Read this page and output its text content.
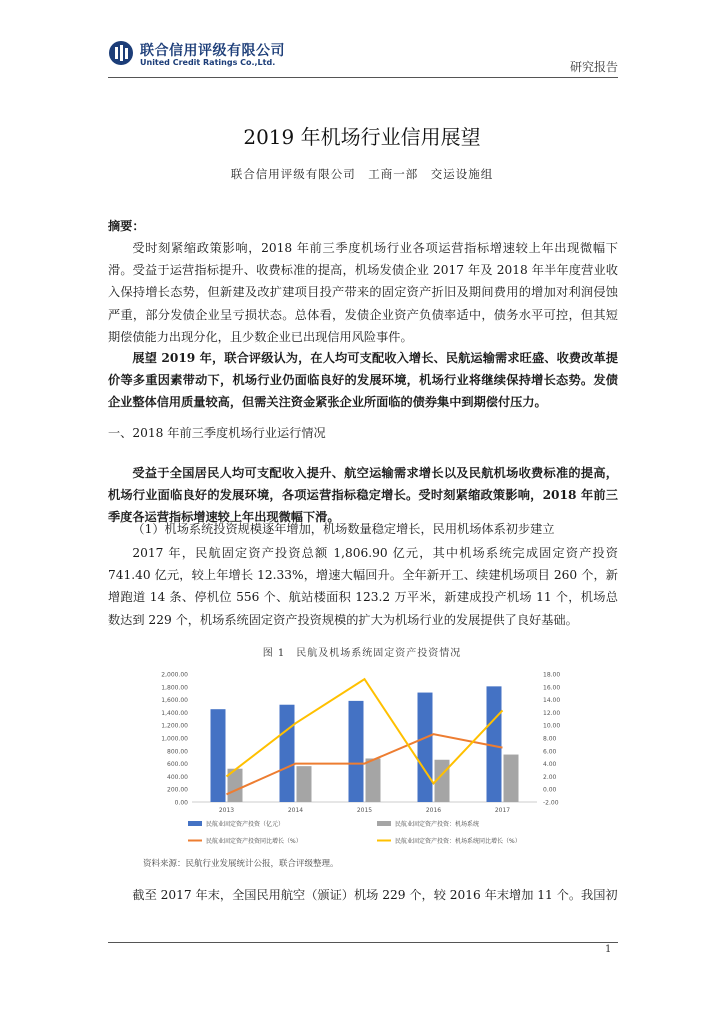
联合信用评级有限公司
United Credit Ratings Co.,Ltd.	研究报告
2019 年机场行业信用展望
联合信用评级有限公司　工商一部　交运设施组
摘要：
受时刻紧缩政策影响，2018 年前三季度机场行业各项运营指标增速较上年出现微幅下滑。受益于运营指标提升、收费标准的提高，机场发债企业 2017 年及 2018 年半年度营业收入保持增长态势，但新建及改扩建项目投产带来的固定资产折旧及期间费用的增加对利润侵蚀严重，部分发债企业呈亏损状态。总体看，发债企业资产负债率适中，债务水平可控，但其短期偿债能力出现分化，且少数企业已出现信用风险事件。
展望 2019 年，联合评级认为，在人均可支配收入增长、民航运输需求旺盛、收费改革提价等多重因素带动下，机场行业仍面临良好的发展环境，机场行业将继续保持增长态势。发债企业整体信用质量较高，但需关注资金紧张企业所面临的债券集中到期偿付压力。
一、2018 年前三季度机场行业运行情况
受益于全国居民人均可支配收入提升、航空运输需求增长以及民航机场收费标准的提高，机场行业面临良好的发展环境，各项运营指标稳定增长。受时刻紧缩政策影响，2018 年前三季度各运营指标增速较上年出现微幅下滑。
（1）机场系统投资规模逐年增加，机场数量稳定增长，民用机场体系初步建立
2017 年，民航固定资产投资总额 1,806.90 亿元，其中机场系统完成固定资产投资 741.40 亿元，较上年增长 12.33%，增速大幅回升。全年新开工、续建机场项目 260 个，新增跑道 14 条、停机位 556 个、航站楼面积 123.2 万平米，新建成投产机场 11 个，机场总数达到 229 个，机场系统固定资产投资规模的扩大为机场行业的发展提供了良好基础。
图 1　民航及机场系统固定资产投资情况
0.00
200.00
400.00
600.00
800.00
1,000.00
1,200.00
1,400.00
1,600.00
1,800.00
2,000.00
-2.00
0.00
2.00
4.00
6.00
8.00
10.00
12.00
14.00
16.00
18.00
2013	2014	2015	2016	2017
民航业固定资产投资（亿元）	民航业固定资产投资：机场系统
民航业固定资产投资同比增长（%）	民航业固定资产投资：机场系统同比增长（%）
资料来源：民航行业发展统计公报，联合评级整理。
截至 2017 年末，全国民用航空（颁证）机场 229 个，较 2016 年末增加 11 个。我国初
1
